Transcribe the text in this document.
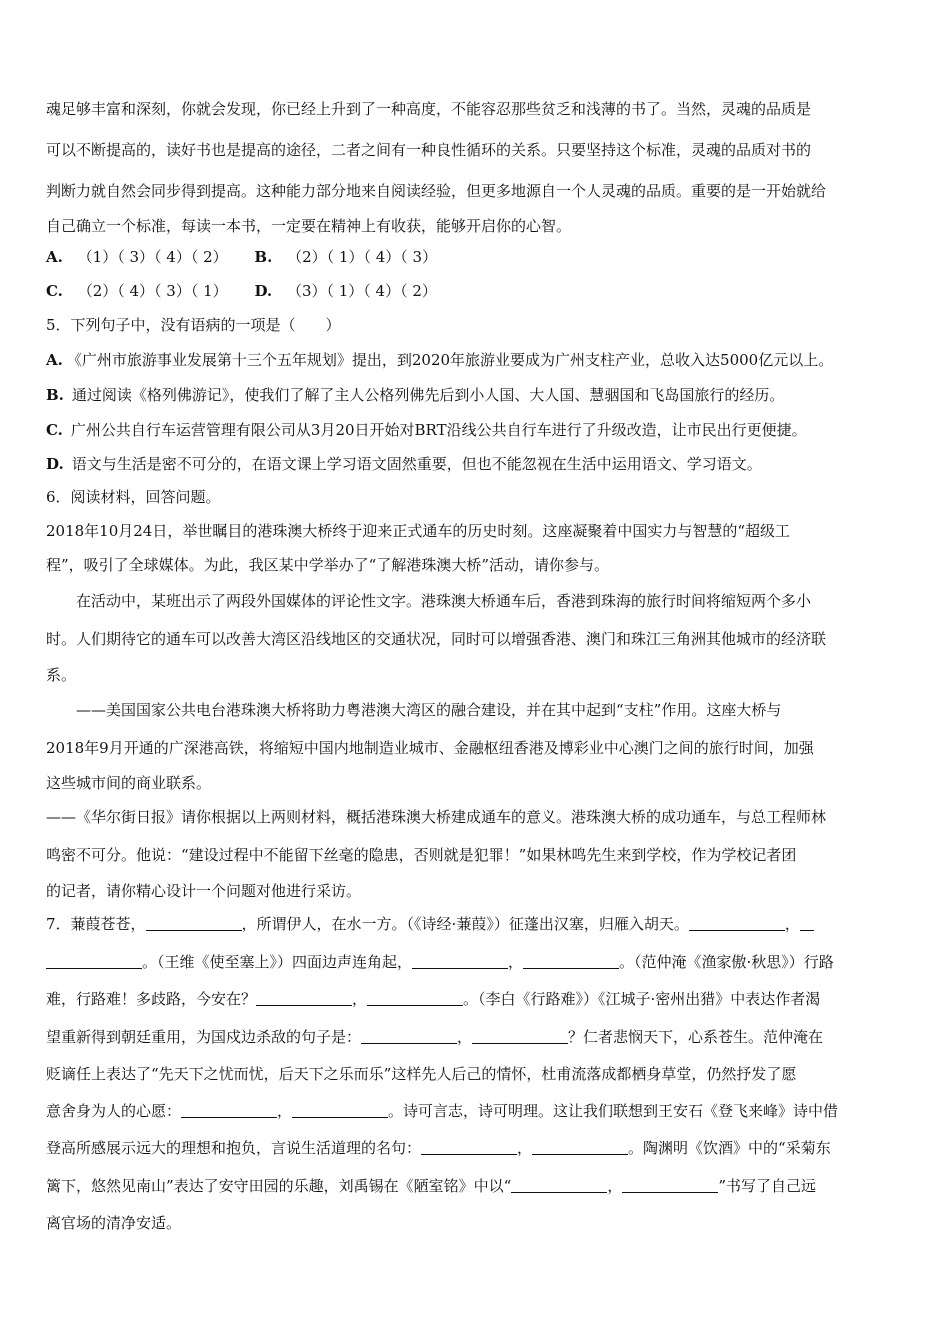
魂足够丰富和深刻，你就会发现，你已经上升到了一种高度，不能容忍那些贫乏和浅薄的书了。当然，灵魂的品质是
可以不断提高的，读好书也是提高的途径，二者之间有一种良性循环的关系。只要坚持这个标准，灵魂的品质对书的
判断力就自然会同步得到提高。这种能力部分地来自阅读经验，但更多地源自一个人灵魂的品质。重要的是一开始就给
自己确立一个标准，每读一本书，一定要在精神上有收获，能够开启你的心智。
A. （1）（ 3）（ 4）（ 2） B. （2）（ 1）（ 4）（ 3）
C. （2）（ 4）（ 3）（ 1） D. （3）（ 1）（ 4）（ 2）
5．下列句子中，没有语病的一项是（　　）
A. 《广州市旅游事业发展第十三个五年规划》提出，到2020年旅游业要成为广州支柱产业，总收入达5000亿元以上。
B. 通过阅读《格列佛游记》，使我们了解了主人公格列佛先后到小人国、大人国、慧骃国和飞岛国旅行的经历。
C. 广州公共自行车运营管理有限公司从3月20日开始对BRT沿线公共自行车进行了升级改造，让市民出行更便捷。
D. 语文与生活是密不可分的，在语文课上学习语文固然重要，但也不能忽视在生活中运用语文、学习语文。
6．阅读材料，回答问题。
2018年10月24日，举世瞩目的港珠澳大桥终于迎来正式通车的历史时刻。这座凝聚着中国实力与智慧的“超级工
程”，吸引了全球媒体。为此，我区某中学举办了“了解港珠澳大桥”活动，请你参与。
在活动中，某班出示了两段外国媒体的评论性文字。港珠澳大桥通车后，香港到珠海的旅行时间将缩短两个多小
时。人们期待它的通车可以改善大湾区沿线地区的交通状况，同时可以增强香港、澳门和珠江三角洲其他城市的经济联
系。
——美国国家公共电台港珠澳大桥将助力粤港澳大湾区的融合建设，并在其中起到“支柱”作用。这座大桥与
2018年9月开通的广深港高铁，将缩短中国内地制造业城市、金融枢纽香港及博彩业中心澳门之间的旅行时间，加强
这些城市间的商业联系。
——《华尔街日报》请你根据以上两则材料，概括港珠澳大桥建成通车的意义。港珠澳大桥的成功通车，与总工程师林
鸣密不可分。他说：“建设过程中不能留下丝毫的隐患，否则就是犯罪！”如果林鸣先生来到学校，作为学校记者团
的记者，请你精心设计一个问题对他进行采访。
7．蒹葭苍苍，	，所谓伊人，在水一方。（《诗经·蒹葭》）征蓬出汉塞，归雁入胡天。	，
。（王维《使至塞上》）四面边声连角起，	，	。（范仲淹《渔家傲·秋思》）行路
难，行路难！多歧路，今安在？	，	。（李白《行路难》）《江城子·密州出猎》中表达作者渴
望重新得到朝廷重用，为国戍边杀敌的句子是：	，	？仁者悲悯天下，心系苍生。范仲淹在
贬谪任上表达了“先天下之忧而忧，后天下之乐而乐”这样先人后己的情怀，杜甫流落成都栖身草堂，仍然抒发了愿
意舍身为人的心愿：	，	。诗可言志，诗可明理。这让我们联想到王安石《登飞来峰》诗中借
登高所感展示远大的理想和抱负，言说生活道理的名句：	，	。陶渊明《饮酒》中的“采菊东
篱下，悠然见南山”表达了安守田园的乐趣，刘禹锡在《陋室铭》中以“	，	”书写了自己远
离官场的清净安适。
